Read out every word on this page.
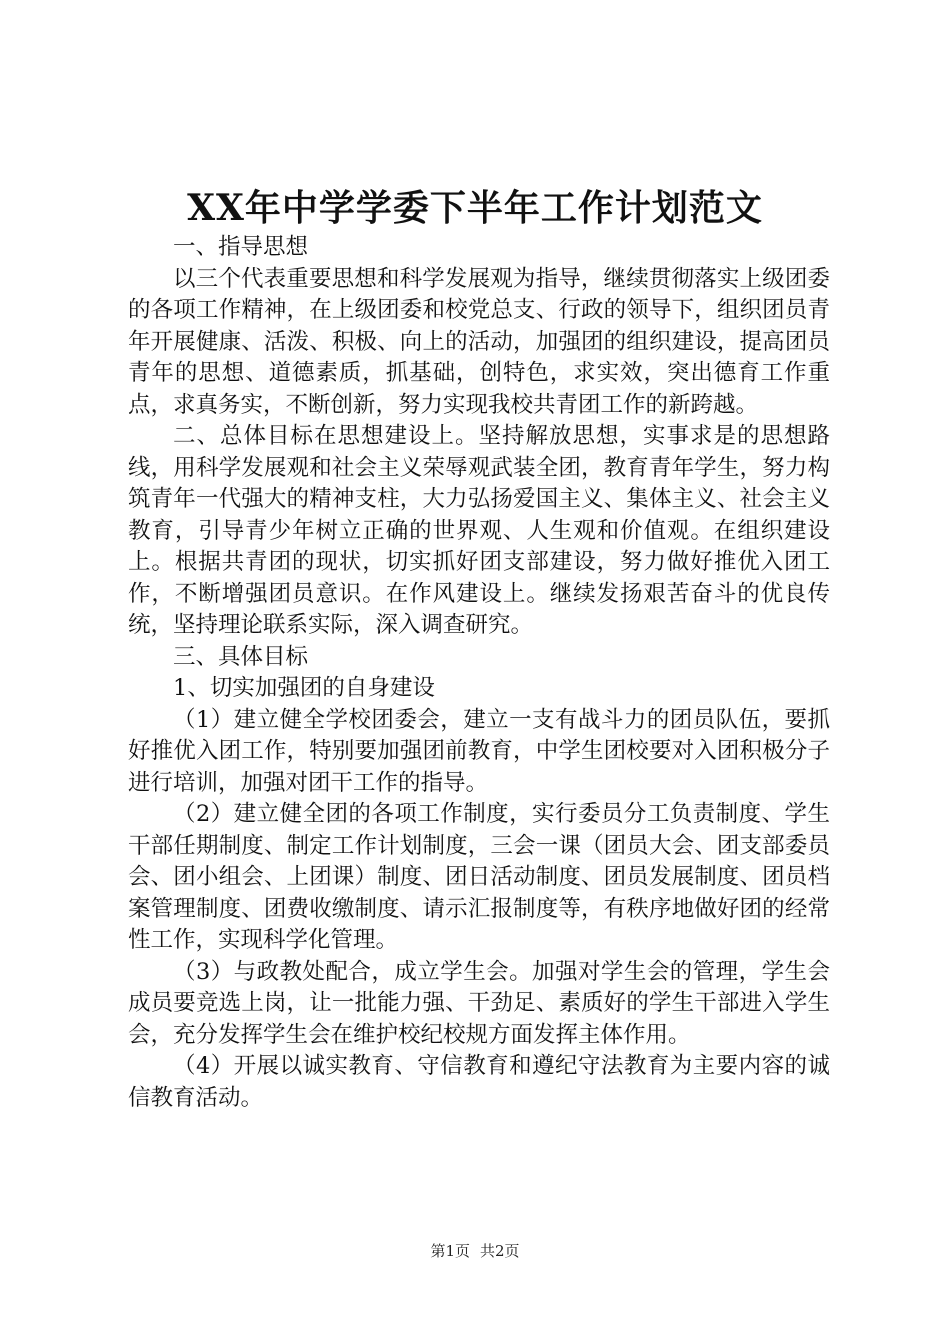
XX年中学学委下半年工作计划范文

一、指导思想

以三个代表重要思想和科学发展观为指导，继续贯彻落实上级团委的各项工作精神，在上级团委和校党总支、行政的领导下，组织团员青年开展健康、活泼、积极、向上的活动，加强团的组织建设，提高团员青年的思想、道德素质，抓基础，创特色，求实效，突出德育工作重点，求真务实，不断创新，努力实现我校共青团工作的新跨越。

二、总体目标在思想建设上。坚持解放思想，实事求是的思想路线，用科学发展观和社会主义荣辱观武装全团，教育青年学生，努力构筑青年一代强大的精神支柱，大力弘扬爱国主义、集体主义、社会主义教育，引导青少年树立正确的世界观、人生观和价值观。在组织建设上。根据共青团的现状，切实抓好团支部建设，努力做好推优入团工作，不断增强团员意识。在作风建设上。继续发扬艰苦奋斗的优良传统，坚持理论联系实际，深入调查研究。

三、具体目标

1、切实加强团的自身建设

（1）建立健全学校团委会，建立一支有战斗力的团员队伍，要抓好推优入团工作，特别要加强团前教育，中学生团校要对入团积极分子进行培训，加强对团干工作的指导。

（2）建立健全团的各项工作制度，实行委员分工负责制度、学生干部任期制度、制定工作计划制度，三会一课（团员大会、团支部委员会、团小组会、上团课）制度、团日活动制度、团员发展制度、团员档案管理制度、团费收缴制度、请示汇报制度等，有秩序地做好团的经常性工作，实现科学化管理。

（3）与政教处配合，成立学生会。加强对学生会的管理，学生会成员要竞选上岗，让一批能力强、干劲足、素质好的学生干部进入学生会，充分发挥学生会在维护校纪校规方面发挥主体作用。

（4）开展以诚实教育、守信教育和遵纪守法教育为主要内容的诚信教育活动。

第1页 共2页
